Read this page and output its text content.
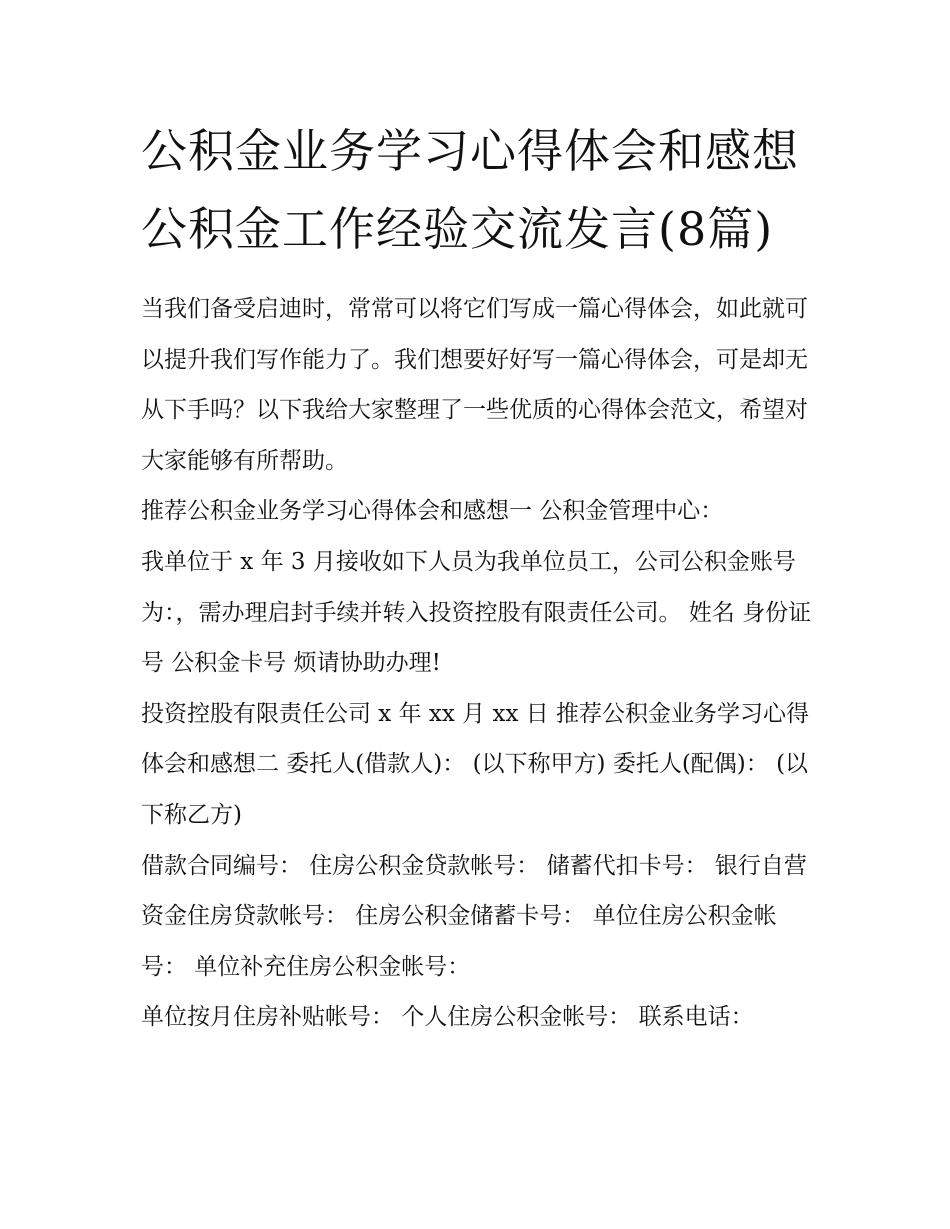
公积金业务学习心得体会和感想 公积金工作经验交流发言(8篇)

当我们备受启迪时，常常可以将它们写成一篇心得体会，如此就可以提升我们写作能力了。我们想要好好写一篇心得体会，可是却无从下手吗？以下我给大家整理了一些优质的心得体会范文，希望对大家能够有所帮助。

推荐公积金业务学习心得体会和感想一 公积金管理中心：

我单位于 x 年 3 月接收如下人员为我单位员工，公司公积金账号为：，需办理启封手续并转入投资控股有限责任公司。 姓名 身份证号 公积金卡号 烦请协助办理!

投资控股有限责任公司 x 年 xx 月 xx 日 推荐公积金业务学习心得体会和感想二 委托人(借款人)： (以下称甲方) 委托人(配偶)： (以下称乙方)

借款合同编号： 住房公积金贷款帐号： 储蓄代扣卡号： 银行自营资金住房贷款帐号： 住房公积金储蓄卡号： 单位住房公积金帐号： 单位补充住房公积金帐号：

单位按月住房补贴帐号： 个人住房公积金帐号： 联系电话：
